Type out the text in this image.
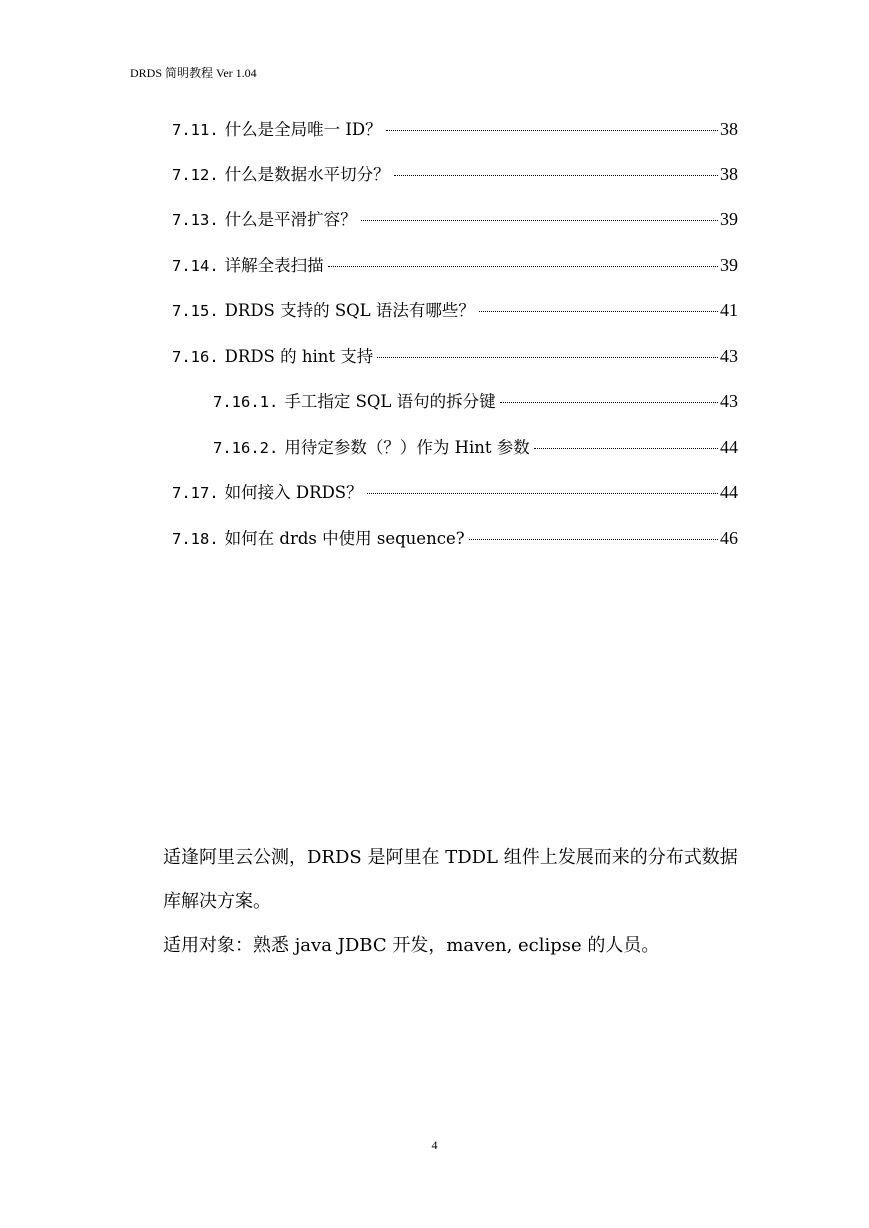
DRDS 简明教程 Ver 1.04
7.11. 什么是全局唯一 ID？	38
7.12. 什么是数据水平切分？	38
7.13. 什么是平滑扩容？	39
7.14. 详解全表扫描	39
7.15. DRDS 支持的 SQL 语法有哪些？	41
7.16. DRDS 的 hint 支持	43
7.16.1. 手工指定 SQL 语句的拆分键	43
7.16.2. 用待定参数（？）作为 Hint 参数	44
7.17. 如何接入 DRDS？	44
7.18. 如何在 drds 中使用 sequence?	46
适逢阿里云公测，DRDS 是阿里在 TDDL 组件上发展而来的分布式数据库解决方案。
适用对象：熟悉 java JDBC 开发，maven, eclipse 的人员。
4
